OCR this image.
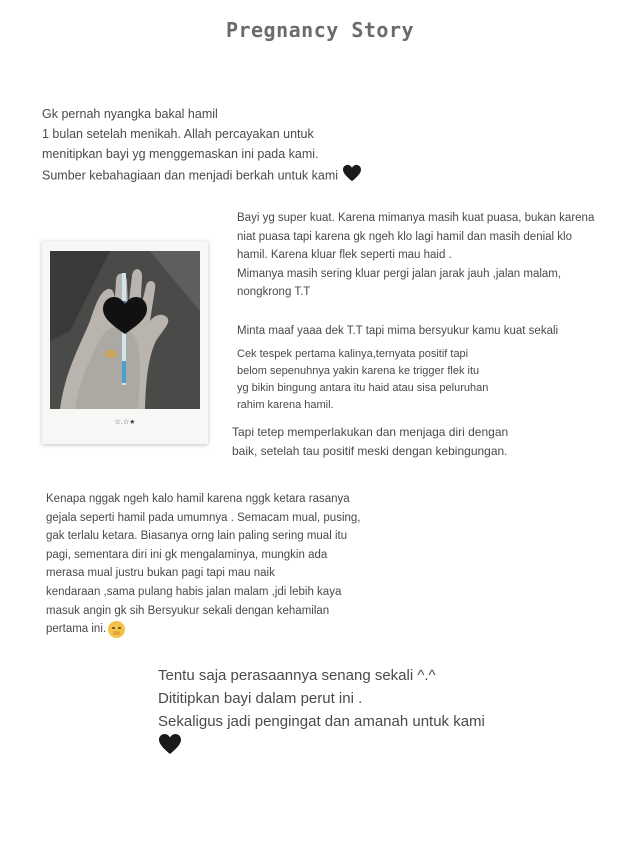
Pregnancy Story
Gk pernah nyangka bakal hamil
1 bulan setelah menikah. Allah percayakan untuk
menitipkan bayi yg menggemaskan ini pada kami.
Sumber kebahagiaan dan menjadi berkah untuk kami
☆.☆★
Bayi yg super kuat. Karena mimanya masih kuat puasa, bukan karena
niat puasa tapi karena gk ngeh klo lagi hamil dan masih denial klo
hamil. Karena kluar flek seperti mau haid .
Mimanya masih sering kluar pergi jalan jarak jauh ,jalan malam,
nongkrong T.T
Minta maaf yaaa dek T.T tapi mima bersyukur kamu kuat sekali
Cek tespek pertama kalinya,ternyata positif tapi
belom sepenuhnya yakin karena ke trigger flek itu
yg bikin bingung antara itu haid atau sisa peluruhan
rahim karena hamil.
Tapi tetep memperlakukan dan menjaga diri dengan
baik, setelah tau positif meski dengan kebingungan.
Kenapa nggak ngeh kalo hamil karena nggk ketara rasanya
gejala seperti hamil pada umumnya . Semacam mual, pusing,
gak terlalu ketara. Biasanya orng lain paling sering mual itu
pagi, sementara diri ini gk mengalaminya, mungkin ada
merasa mual justru bukan pagi tapi mau naik
kendaraan ,sama pulang habis jalan malam ,jdi lebih kaya
masuk angin gk sih Bersyukur sekali dengan kehamilan
pertama ini.
Tentu saja perasaannya senang sekali ^.^
Dititipkan bayi dalam perut ini .
Sekaligus jadi pengingat dan amanah untuk kami
